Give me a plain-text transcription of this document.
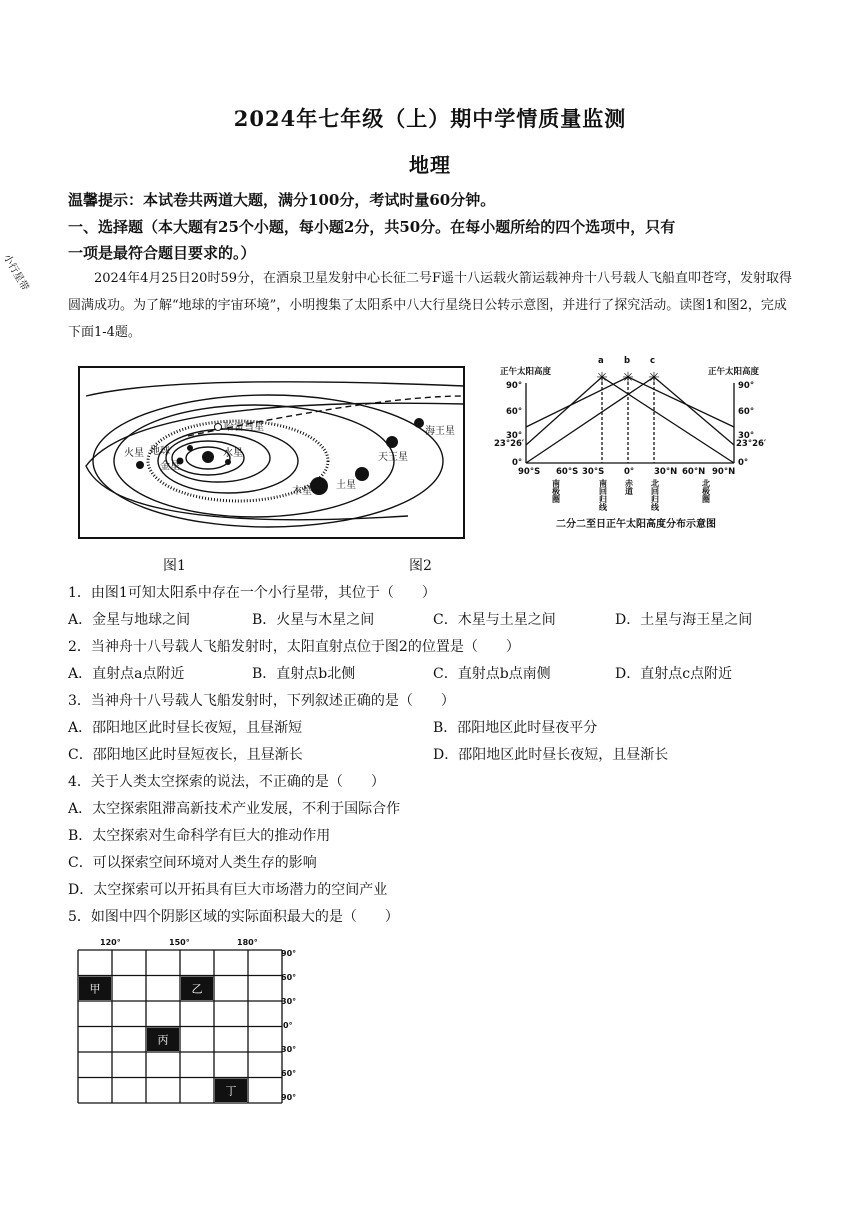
2024年七年级（上）期中学情质量监测
地理
温馨提示：本试卷共两道大题，满分100分，考试时量60分钟。
一、选择题（本大题有25个小题，每小题2分，共50分。在每小题所给的四个选项中，只有
一项是最符合题目要求的。）
2024年4月25日20时59分，在酒泉卫星发射中心长征二号F遥十八运载火箭运载神舟十八号载人飞船直叩苍穹，发射取得圆满成功。为了解“地球的宇宙环境”，小明搜集了太阳系中八大行星绕日公转示意图，并进行了探究活动。读图1和图2，完成下面1-4题。
哈雷彗星
火星 地球
金星
水星
木星
土星
天王星
海王星
小行星带
图1
正午太阳高度	正午太阳高度
90°
60°
30°
23°26′
0°
90°
60°
30°
23°26′
0°
90°S 60°S 30°S 0° 30°N 60°N 90°N
a b c
✳ ✳ ✳
南极圈	南回归线 赤道 北回归线	北极圈
二分二至日正午太阳高度分布示意图
图2
1．由图1可知太阳系中存在一个小行星带，其位于（　　）
A．金星与地球之间	B．火星与木星之间	C．木星与土星之间	D．土星与海王星之间
2．当神舟十八号载人飞船发射时，太阳直射点位于图2的位置是（　　）
A．直射点a点附近	B．直射点b北侧	C．直射点b点南侧	D．直射点c点附近
3．当神舟十八号载人飞船发射时，下列叙述正确的是（　　）
A．邵阳地区此时昼长夜短，且昼渐短	B．邵阳地区此时昼夜平分
C．邵阳地区此时昼短夜长，且昼渐长	D．邵阳地区此时昼长夜短，且昼渐长
4．关于人类太空探索的说法，不正确的是（　　）
A．太空探索阻滞高新技术产业发展，不利于国际合作
B．太空探索对生命科学有巨大的推动作用
C．可以探索空间环境对人类生存的影响
D．太空探索可以开拓具有巨大市场潜力的空间产业
5．如图中四个阴影区域的实际面积最大的是（　　）
120°	150°	180°
90°
60°
30°
0°
30°
60°
90°
甲	乙
丙
丁
